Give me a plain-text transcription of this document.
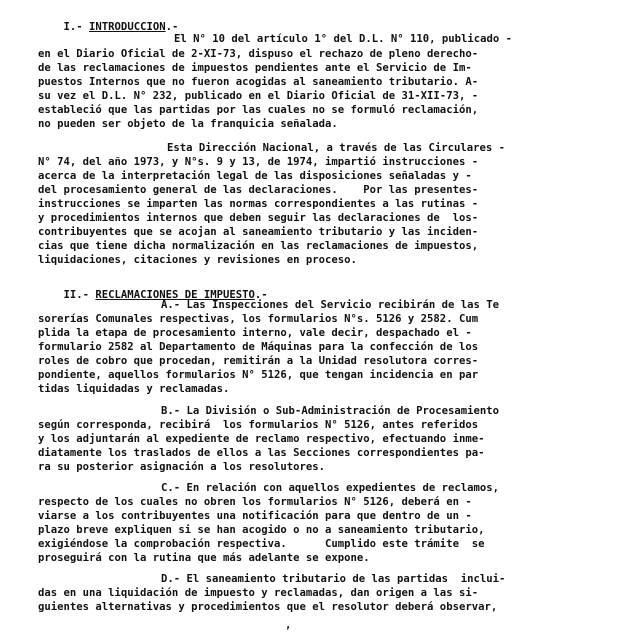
I.- INTRODUCCION.-

El N° 10 del artículo 1° del D.L. N° 110, publicado -
en el Diario Oficial de 2-XI-73, dispuso el rechazo de pleno derecho-
de las reclamaciones de impuestos pendientes ante el Servicio de Im-
puestos Internos que no fueron acogidas al saneamiento tributario. A-
su vez el D.L. N° 232, publicado en el Diario Oficial de 31-XII-73, -
estableció que las partidas por las cuales no se formuló reclamación,
no pueden ser objeto de la franquicia señalada.
Esta Dirección Nacional, a través de las Circulares -
N° 74, del año 1973, y N°s. 9 y 13, de 1974, impartió instrucciones -
acerca de la interpretación legal de las disposiciones señaladas y -
del procesamiento general de las declaraciones.    Por las presentes-
instrucciones se imparten las normas correspondientes a las rutinas -
y procedimientos internos que deben seguir las declaraciones de  los-
contribuyentes que se acojan al saneamiento tributario y las inciden-
cias que tiene dicha normalización en las reclamaciones de impuestos,
liquidaciones, citaciones y revisiones en proceso.

II.- RECLAMACIONES DE IMPUESTO.-

A.- Las Inspecciones del Servicio recibirán de las Te
sorerías Comunales respectivas, los formularios N°s. 5126 y 2582. Cum
plida la etapa de procesamiento interno, vale decir, despachado el -
formulario 2582 al Departamento de Máquinas para la confección de los
roles de cobro que procedan, remitirán a la Unidad resolutora corres-
pondiente, aquellos formularios N° 5126, que tengan incidencia en par
tidas liquidadas y reclamadas.
B.- La División o Sub-Administración de Procesamiento
según corresponda, recibirá  los formularios N° 5126, antes referidos
y los adjuntarán al expediente de reclamo respectivo, efectuando inme-
diatamente los traslados de ellos a las Secciones correspondientes pa-
ra su posterior asignación a los resolutores.
C.- En relación con aquellos expedientes de reclamos,
respecto de los cuales no obren los formularios N° 5126, deberá en -
viarse a los contribuyentes una notificación para que dentro de un -
plazo breve expliquen si se han acogido o no a saneamiento tributario,
exigiéndose la comprobación respectiva.      Cumplido este trámite  se
proseguirá con la rutina que más adelante se expone.
D.- El saneamiento tributario de las partidas  inclui-
das en una liquidación de impuesto y reclamadas, dan origen a las si-
guientes alternativas y procedimientos que el resolutor deberá observar,
,
